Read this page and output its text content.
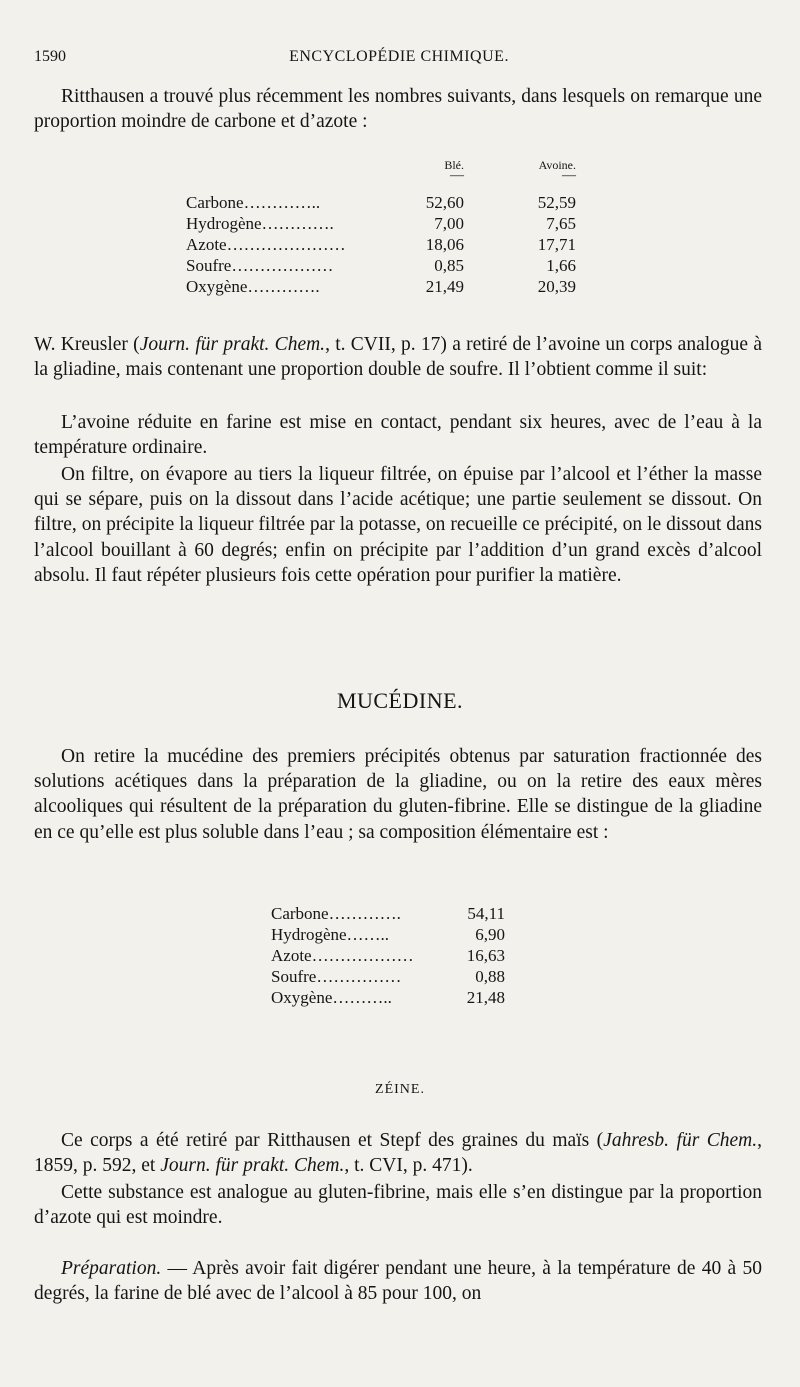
1590	ENCYCLOPÉDIE CHIMIQUE.

Ritthausen a trouvé plus récemment les nombres suivants, dans lesquels on remarque une proportion moindre de carbone et d’azote :

	Blé.
—	Avoine.
—

Carbone…………..	52,60	52,59
Hydrogène………….	7,00	7,65
Azote…………………	18,06	17,71
Soufre………………	0,85	1,66
Oxygène………….	21,49	20,39

W. Kreusler (Journ. für prakt. Chem., t. CVII, p. 17) a retiré de l’avoine un corps analogue à la gliadine, mais contenant une proportion double de soufre. Il l’obtient comme il suit:

L’avoine réduite en farine est mise en contact, pendant six heures, avec de l’eau à la température ordinaire.

On filtre, on évapore au tiers la liqueur filtrée, on épuise par l’alcool et l’éther la masse qui se sépare, puis on la dissout dans l’acide acétique; une partie seulement se dissout. On filtre, on précipite la liqueur filtrée par la potasse, on recueille ce précipité, on le dissout dans l’alcool bouillant à 60 degrés; enfin on précipite par l’addition d’un grand excès d’alcool absolu. Il faut répéter plusieurs fois cette opération pour purifier la matière.

MUCÉDINE.

On retire la mucédine des premiers précipités obtenus par saturation fractionnée des solutions acétiques dans la préparation de la gliadine, ou on la retire des eaux mères alcooliques qui résultent de la préparation du gluten-fibrine. Elle se distingue de la gliadine en ce qu’elle est plus soluble dans l’eau ; sa composition élémentaire est :

Carbone………….	54,11
Hydrogène……..	6,90
Azote………………	16,63
Soufre……………	0,88
Oxygène………..	21,48
ZÉINE.

Ce corps a été retiré par Ritthausen et Stepf des graines du maïs (Jahresb. für Chem., 1859, p. 592, et Journ. für prakt. Chem., t. CVI, p. 471).

Cette substance est analogue au gluten-fibrine, mais elle s’en distingue par la proportion d’azote qui est moindre.

Préparation. — Après avoir fait digérer pendant une heure, à la température de 40 à 50 degrés, la farine de blé avec de l’alcool à 85 pour 100, on
